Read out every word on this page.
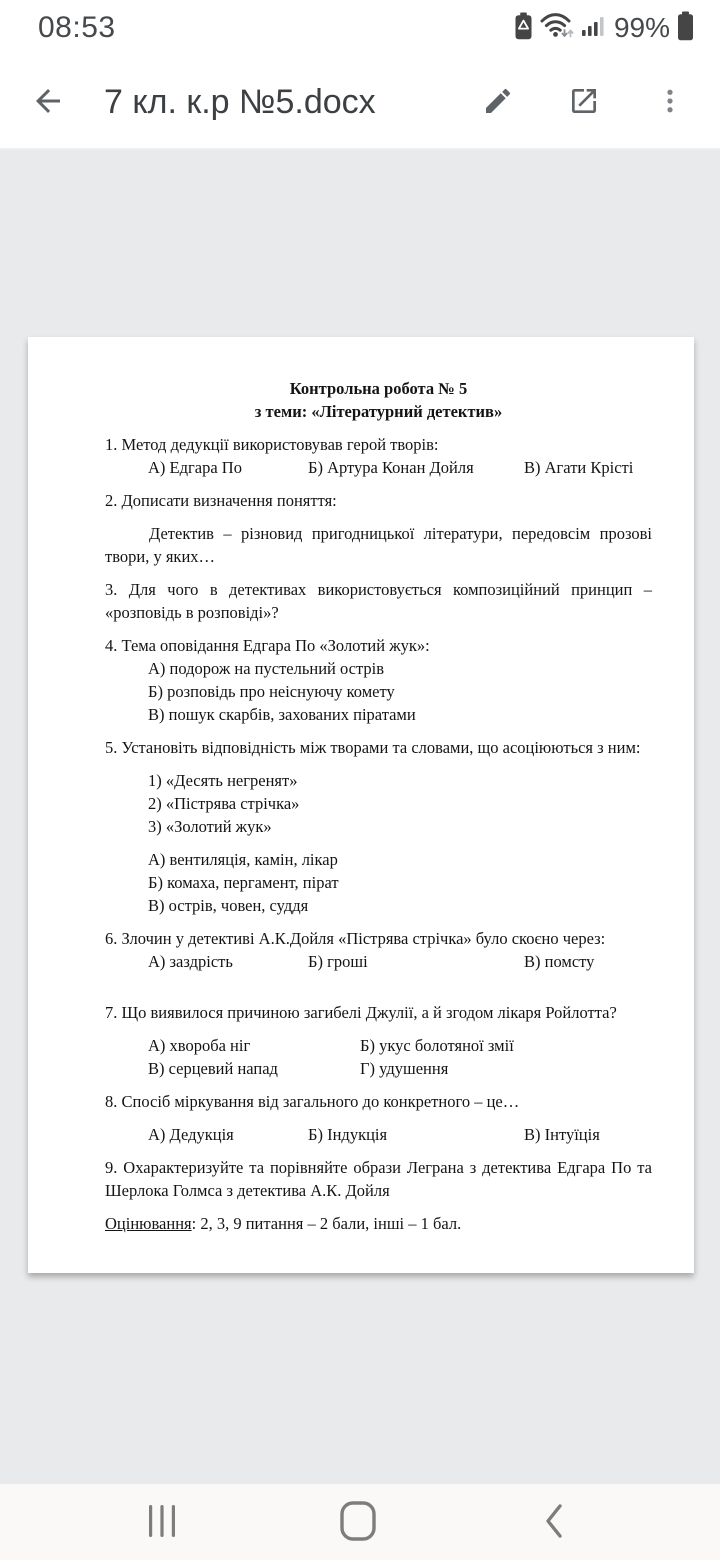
08:53	99%
7 кл. к.р №5.docx
Контрольна робота № 5
з теми: «Літературний детектив»
1. Метод дедукції використовував герой творів:
А) Едгара По	Б) Артура Конан Дойля	В) Агати Крісті
2. Дописати визначення поняття:
Детектив – різновид пригодницької літератури, передовсім прозові твори, у яких…
3. Для чого в детективах використовується композиційний принцип – «розповідь в розповіді»?
4. Тема оповідання Едгара По «Золотий жук»:
А) подорож на пустельний острів
Б) розповідь про неіснуючу комету
В) пошук скарбів, захованих піратами
5. Установіть відповідність між творами та словами, що асоціюються з ним:
1) «Десять негренят»
2) «Пістрява стрічка»
3) «Золотий жук»
А) вентиляція, камін, лікар
Б) комаха, пергамент, пірат
В) острів, човен, суддя
6. Злочин у детективі А.К.Дойля «Пістрява стрічка» було скоєно через:
А) заздрість	Б) гроші	В) помсту
7. Що виявилося причиною загибелі Джулії, а й згодом лікаря Ройлотта?
А) хвороба ніг	Б) укус болотяної змії
В) серцевий напад	Г) удушення
8. Спосіб міркування від загального до конкретного – це…
А) Дедукція	Б) Індукція	В) Інтуїція
9. Охарактеризуйте та порівняйте образи Леграна з детектива Едгара По та Шерлока Голмса з детектива А.К. Дойля
Оцінювання: 2, 3, 9 питання – 2 бали, інші – 1 бал.
